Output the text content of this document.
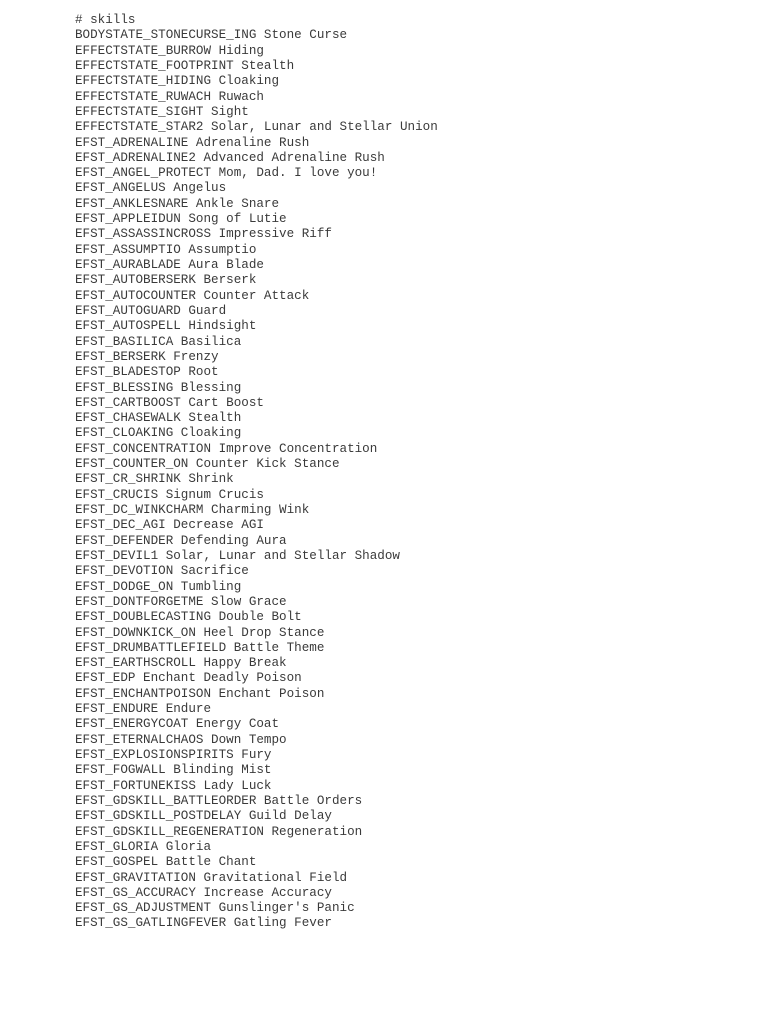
# skills
BODYSTATE_STONECURSE_ING Stone Curse
EFFECTSTATE_BURROW Hiding
EFFECTSTATE_FOOTPRINT Stealth
EFFECTSTATE_HIDING Cloaking
EFFECTSTATE_RUWACH Ruwach
EFFECTSTATE_SIGHT Sight
EFFECTSTATE_STAR2 Solar, Lunar and Stellar Union
EFST_ADRENALINE Adrenaline Rush
EFST_ADRENALINE2 Advanced Adrenaline Rush
EFST_ANGEL_PROTECT Mom, Dad. I love you!
EFST_ANGELUS Angelus
EFST_ANKLESNARE Ankle Snare
EFST_APPLEIDUN Song of Lutie
EFST_ASSASSINCROSS Impressive Riff
EFST_ASSUMPTIO Assumptio
EFST_AURABLADE Aura Blade
EFST_AUTOBERSERK Berserk
EFST_AUTOCOUNTER Counter Attack
EFST_AUTOGUARD Guard
EFST_AUTOSPELL Hindsight
EFST_BASILICA Basilica
EFST_BERSERK Frenzy
EFST_BLADESTOP Root
EFST_BLESSING Blessing
EFST_CARTBOOST Cart Boost
EFST_CHASEWALK Stealth
EFST_CLOAKING Cloaking
EFST_CONCENTRATION Improve Concentration
EFST_COUNTER_ON Counter Kick Stance
EFST_CR_SHRINK Shrink
EFST_CRUCIS Signum Crucis
EFST_DC_WINKCHARM Charming Wink
EFST_DEC_AGI Decrease AGI
EFST_DEFENDER Defending Aura
EFST_DEVIL1 Solar, Lunar and Stellar Shadow
EFST_DEVOTION Sacrifice
EFST_DODGE_ON Tumbling
EFST_DONTFORGETME Slow Grace
EFST_DOUBLECASTING Double Bolt
EFST_DOWNKICK_ON Heel Drop Stance
EFST_DRUMBATTLEFIELD Battle Theme
EFST_EARTHSCROLL Happy Break
EFST_EDP Enchant Deadly Poison
EFST_ENCHANTPOISON Enchant Poison
EFST_ENDURE Endure
EFST_ENERGYCOAT Energy Coat
EFST_ETERNALCHAOS Down Tempo
EFST_EXPLOSIONSPIRITS Fury
EFST_FOGWALL Blinding Mist
EFST_FORTUNEKISS Lady Luck
EFST_GDSKILL_BATTLEORDER Battle Orders
EFST_GDSKILL_POSTDELAY Guild Delay
EFST_GDSKILL_REGENERATION Regeneration
EFST_GLORIA Gloria
EFST_GOSPEL Battle Chant
EFST_GRAVITATION Gravitational Field
EFST_GS_ACCURACY Increase Accuracy
EFST_GS_ADJUSTMENT Gunslinger's Panic
EFST_GS_GATLINGFEVER Gatling Fever
